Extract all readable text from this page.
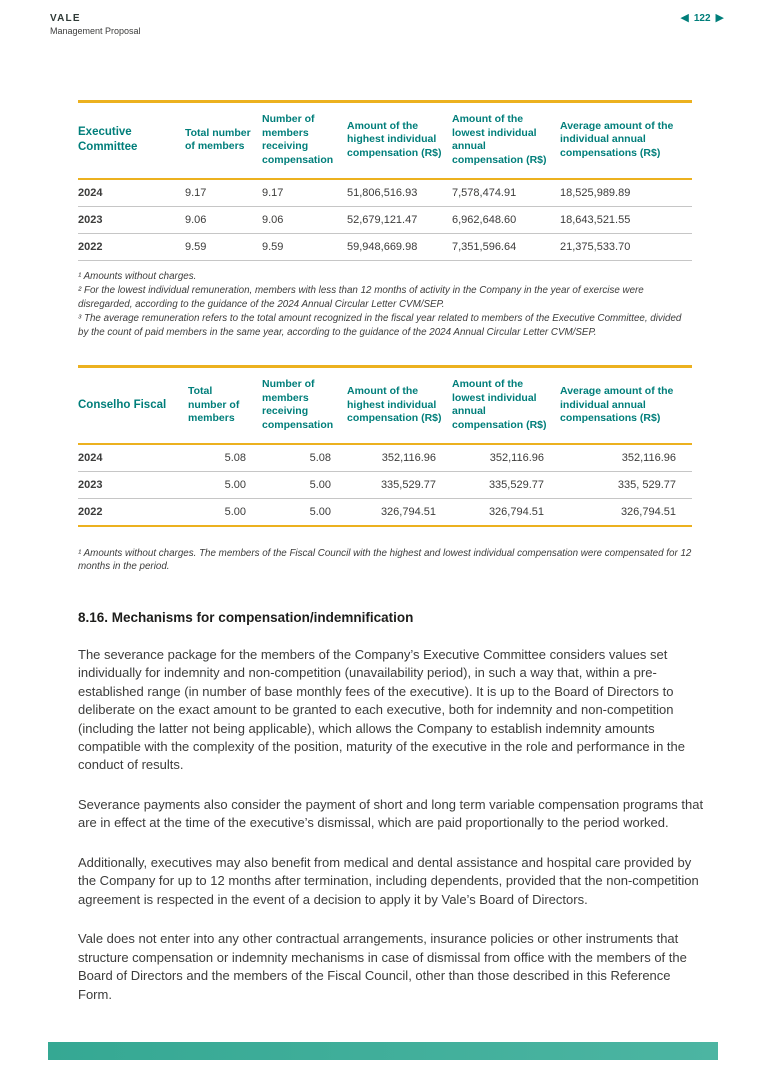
VALE
Management Proposal
◀ 122 ▶
Executive Committee	Total number of members	Number of members receiving compensation	Amount of the highest individual compensation (R$)	Amount of the lowest individual annual compensation (R$)	Average amount of the individual annual compensations (R$)
2024	9.17	9.17	51,806,516.93	7,578,474.91	18,525,989.89
2023	9.06	9.06	52,679,121.47	6,962,648.60	18,643,521.55
2022	9.59	9.59	59,948,669.98	7,351,596.64	21,375,533.70

¹ Amounts without charges.

² For the lowest individual remuneration, members with less than 12 months of activity in the Company in the year of exercise were disregarded, according to the guidance of the 2024 Annual Circular Letter CVM/SEP.

³ The average remuneration refers to the total amount recognized in the fiscal year related to members of the Executive Committee, divided by the count of paid members in the same year, according to the guidance of the 2024 Annual Circular Letter CVM/SEP.

Conselho Fiscal	Total number of members	Number of members receiving compensation	Amount of the highest individual compensation (R$)	Amount of the lowest individual annual compensation (R$)	Average amount of the individual annual compensations (R$)
2024	5.08	5.08	352,116.96	352,116.96	352,116.96
2023	5.00	5.00	335,529.77	335,529.77	335, 529.77
2022	5.00	5.00	326,794.51	326,794.51	326,794.51

¹ Amounts without charges. The members of the Fiscal Council with the highest and lowest individual compensation were compensated for 12 months in the period.

8.16. Mechanisms for compensation/indemnification

The severance package for the members of the Company’s Executive Committee considers values set individually for indemnity and non-competition (unavailability period), in such a way that, within a pre-established range (in number of base monthly fees of the executive). It is up to the Board of Directors to deliberate on the exact amount to be granted to each executive, both for indemnity and non-competition (including the latter not being applicable), which allows the Company to establish indemnity amounts compatible with the complexity of the position, maturity of the executive in the role and performance in the conduct of results.

Severance payments also consider the payment of short and long term variable compensation programs that are in effect at the time of the executive’s dismissal, which are paid proportionally to the period worked.

Additionally, executives may also benefit from medical and dental assistance and hospital care provided by the Company for up to 12 months after termination, including dependents, provided that the non-competition agreement is respected in the event of a decision to apply it by Vale’s Board of Directors.

Vale does not enter into any other contractual arrangements, insurance policies or other instruments that structure compensation or indemnity mechanisms in case of dismissal from office with the members of the Board of Directors and the members of the Fiscal Council, other than those described in this Reference Form.
